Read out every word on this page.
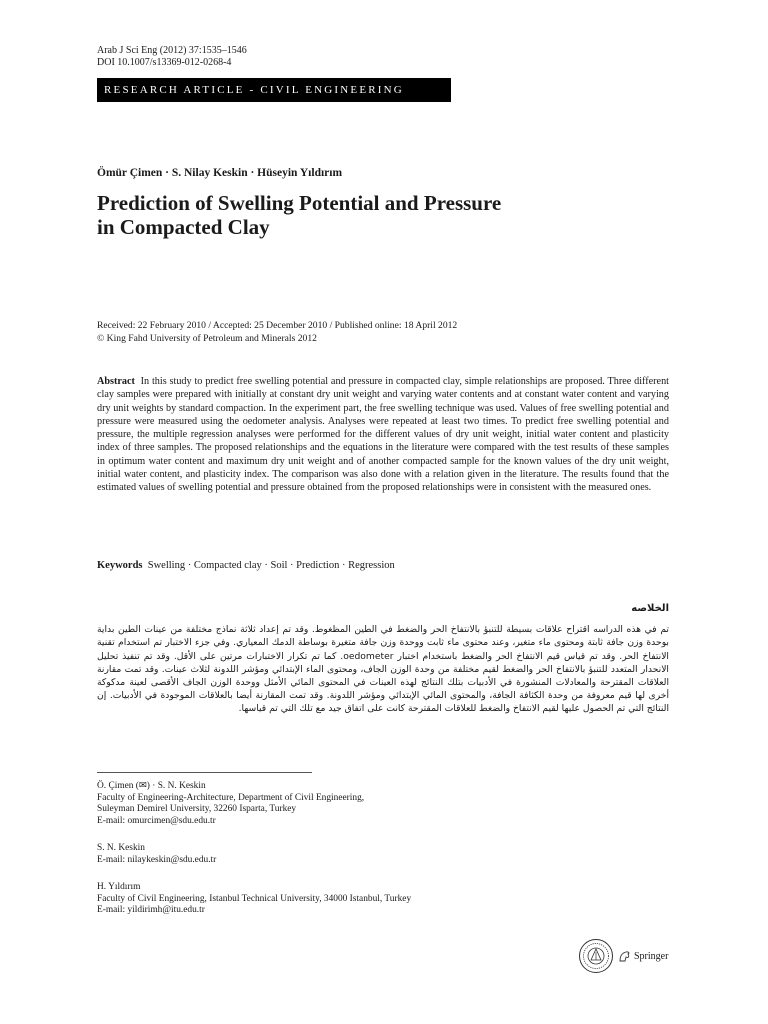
Arab J Sci Eng (2012) 37:1535–1546
DOI 10.1007/s13369-012-0268-4
RESEARCH ARTICLE - CIVIL ENGINEERING
Ömür Çimen · S. Nilay Keskin · Hüseyin Yıldırım
Prediction of Swelling Potential and Pressure
in Compacted Clay
Received: 22 February 2010 / Accepted: 25 December 2010 / Published online: 18 April 2012
© King Fahd University of Petroleum and Minerals 2012

Abstract In this study to predict free swelling potential and pressure in compacted clay, simple relationships are proposed. Three different clay samples were prepared with initially at constant dry unit weight and varying water contents and at constant water content and varying dry unit weights by standard compaction. In the experiment part, the free swelling technique was used. Values of free swelling potential and pressure were measured using the oedometer analysis. Analyses were repeated at least two times. To predict free swelling potential and pressure, the multiple regression analyses were performed for the different values of dry unit weight, initial water content and plasticity index of three samples. The proposed relationships and the equations in the literature were compared with the test results of these samples in optimum water content and maximum dry unit weight and of another compacted sample for the known values of the dry unit weight, initial water content, and plasticity index. The comparison was also done with a relation given in the literature. The results found that the estimated values of swelling potential and pressure obtained from the proposed relationships were in consistent with the measured ones.

Keywords Swelling · Compacted clay · Soil · Prediction · Regression

الخلاصه
تم في هذه الدراسه اقتراح علاقات بسيطة للتنبؤ بالانتفاخ الحر والضغط في الطين المظغوط. وقد تم إعداد ثلاثة نماذج مختلفة من عينات الطين بداية بوحدة وزن جافة ثابتة ومحتوى ماء متغير، وعند محتوى ماء ثابت ووحدة وزن جافة متغيرة بوساطة الدمك المعياري. وفي جزء الاختبار تم استخدام تقنية الانتفاخ الحر. وقد تم قياس قيم الانتفاخ الحر والضغط باستخدام اختبار oedometer. كما تم تكرار الاختبارات مرتين على الأقل. وقد تم تنفيذ تحليل الانحدار المتعدد للتنبؤ بالانتفاخ الحر والضغط لقيم مختلفة من وحدة الوزن الجاف، ومحتوى الماء الإبتدائي ومؤشر اللدونة لثلاث عينات. وقد تمت مقارنة العلاقات المقترحة والمعادلات المنشورة في الأدبيات بتلك النتائج لهذه العينات في المحتوى المائي الأمثل ووحدة الوزن الجاف الأقصى لعينة مدكوكة أخرى لها قيم معروفة من وحدة الكثافة الجافة، والمحتوى المائي الإبتدائي ومؤشر اللدونة. وقد تمت المقارنة أيضا بالعلاقات الموجودة في الأدبيات. إن النتائج التي تم الحصول عليها لقيم الانتفاخ والضغط للعلاقات المقترحة كانت على اتفاق جيد مع تلك التي تم قياسها.

Ö. Çimen (✉) · S. N. Keskin
Faculty of Engineering-Architecture, Department of Civil Engineering,
Suleyman Demirel University, 32260 Isparta, Turkey
E-mail: omurcimen@sdu.edu.tr
S. N. Keskin
E-mail: nilaykeskin@sdu.edu.tr
H. Yıldırım
Faculty of Civil Engineering, Istanbul Technical University, 34000 Istanbul, Turkey
E-mail: yildirimh@itu.edu.tr
Springer
